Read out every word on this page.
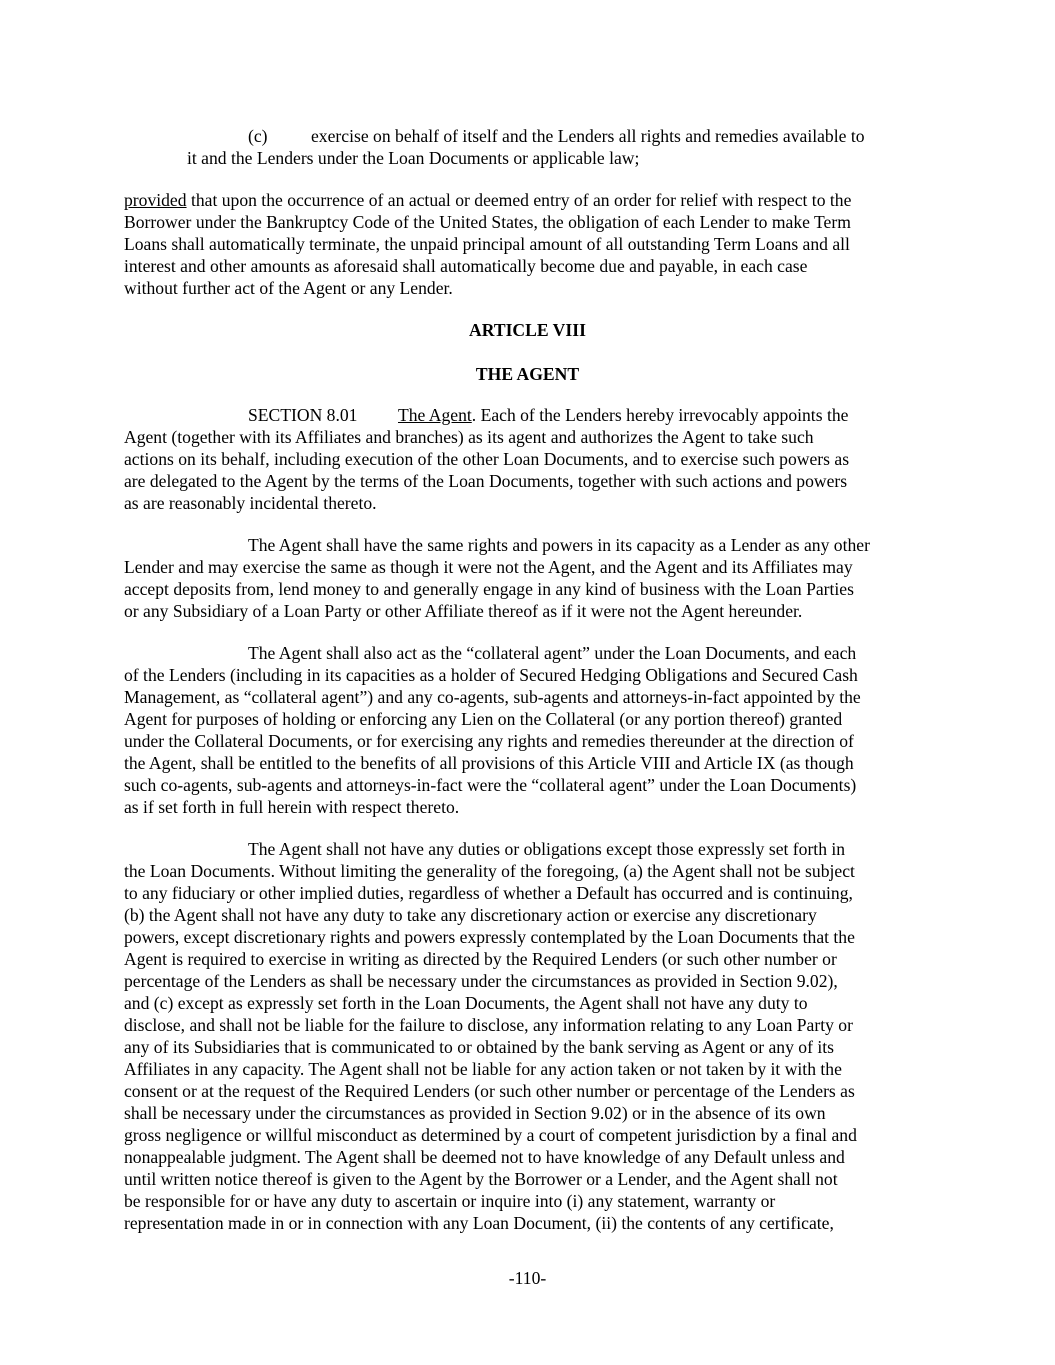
(c) exercise on behalf of itself and the Lenders all rights and remedies available to
it and the Lenders under the Loan Documents or applicable law;
provided that upon the occurrence of an actual or deemed entry of an order for relief with respect to the
Borrower under the Bankruptcy Code of the United States, the obligation of each Lender to make Term
Loans shall automatically terminate, the unpaid principal amount of all outstanding Term Loans and all
interest and other amounts as aforesaid shall automatically become due and payable, in each case
without further act of the Agent or any Lender.
ARTICLE VIII
THE AGENT
SECTION 8.01 The Agent. Each of the Lenders hereby irrevocably appoints the
Agent (together with its Affiliates and branches) as its agent and authorizes the Agent to take such
actions on its behalf, including execution of the other Loan Documents, and to exercise such powers as
are delegated to the Agent by the terms of the Loan Documents, together with such actions and powers
as are reasonably incidental thereto.
The Agent shall have the same rights and powers in its capacity as a Lender as any other
Lender and may exercise the same as though it were not the Agent, and the Agent and its Affiliates may
accept deposits from, lend money to and generally engage in any kind of business with the Loan Parties
or any Subsidiary of a Loan Party or other Affiliate thereof as if it were not the Agent hereunder.
The Agent shall also act as the “collateral agent” under the Loan Documents, and each
of the Lenders (including in its capacities as a holder of Secured Hedging Obligations and Secured Cash
Management, as “collateral agent”) and any co-agents, sub-agents and attorneys-in-fact appointed by the
Agent for purposes of holding or enforcing any Lien on the Collateral (or any portion thereof) granted
under the Collateral Documents, or for exercising any rights and remedies thereunder at the direction of
the Agent, shall be entitled to the benefits of all provisions of this Article VIII and Article IX (as though
such co-agents, sub-agents and attorneys-in-fact were the “collateral agent” under the Loan Documents)
as if set forth in full herein with respect thereto.
The Agent shall not have any duties or obligations except those expressly set forth in
the Loan Documents. Without limiting the generality of the foregoing, (a) the Agent shall not be subject
to any fiduciary or other implied duties, regardless of whether a Default has occurred and is continuing,
(b) the Agent shall not have any duty to take any discretionary action or exercise any discretionary
powers, except discretionary rights and powers expressly contemplated by the Loan Documents that the
Agent is required to exercise in writing as directed by the Required Lenders (or such other number or
percentage of the Lenders as shall be necessary under the circumstances as provided in Section 9.02),
and (c) except as expressly set forth in the Loan Documents, the Agent shall not have any duty to
disclose, and shall not be liable for the failure to disclose, any information relating to any Loan Party or
any of its Subsidiaries that is communicated to or obtained by the bank serving as Agent or any of its
Affiliates in any capacity. The Agent shall not be liable for any action taken or not taken by it with the
consent or at the request of the Required Lenders (or such other number or percentage of the Lenders as
shall be necessary under the circumstances as provided in Section 9.02) or in the absence of its own
gross negligence or willful misconduct as determined by a court of competent jurisdiction by a final and
nonappealable judgment. The Agent shall be deemed not to have knowledge of any Default unless and
until written notice thereof is given to the Agent by the Borrower or a Lender, and the Agent shall not
be responsible for or have any duty to ascertain or inquire into (i) any statement, warranty or
representation made in or in connection with any Loan Document, (ii) the contents of any certificate,
-110-
